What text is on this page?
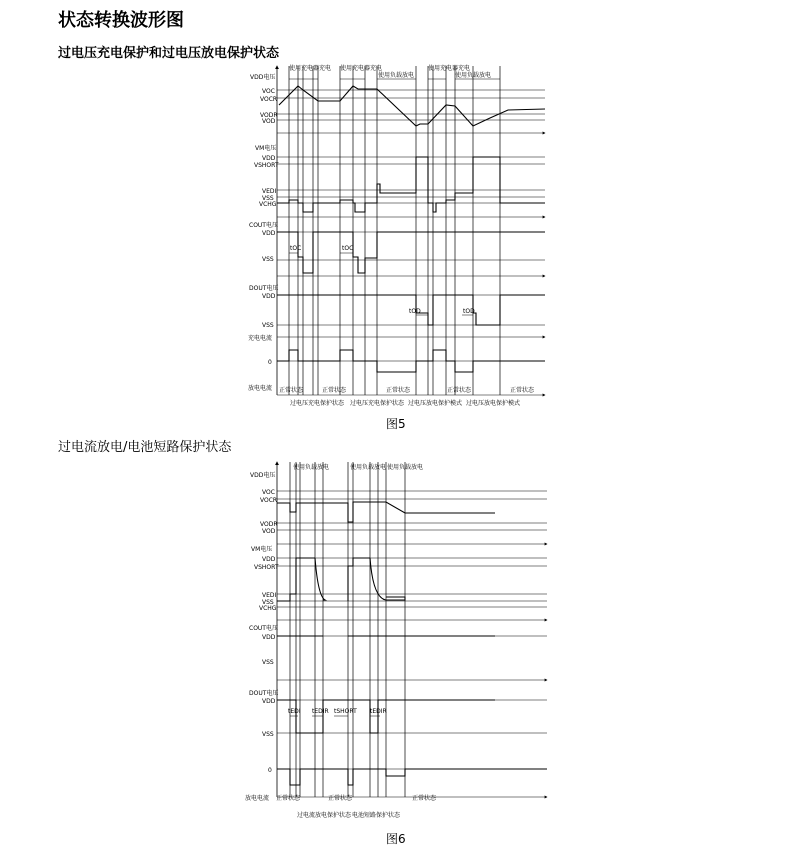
状态转换波形图
过电压充电保护和过电压放电保护状态
过电流放电/电池短路保护状态
VDD电压
VOC
VOCR
VODR
VOD
VM电压
VDD
VSHORT
VEDI
VSS
VCHG
COUT电压
VDD
VSS
DOUT电压
VDD
VSS
充电电流
0
放电电流
使用充电器充电 使用充电器充电
使用负载放电
使用充电器充电
使用负载放电
tOC	tOC
tOD	tOD
正常状态	正常状态	正常状态	正常状态	正常状态
过电压充电保护状态 过电压充电保护状态 过电压放电保护模式 过电压放电保护模式
图5
VDD电压
VOC
VOCR
VODR
VOD
VM电压
VDD
VSHORT
VEDI
VSS
VCHG
COUT电压
VDD
VSS
DOUT电压
VDD
VSS
0
放电电流
使用负载放电	使用负载放电 使用负载放电
tEDI tEDIR tSHORT tEDIR
正常状态	正常状态	正常状态
过电流放电保护状态 电池短路保护状态
图6
